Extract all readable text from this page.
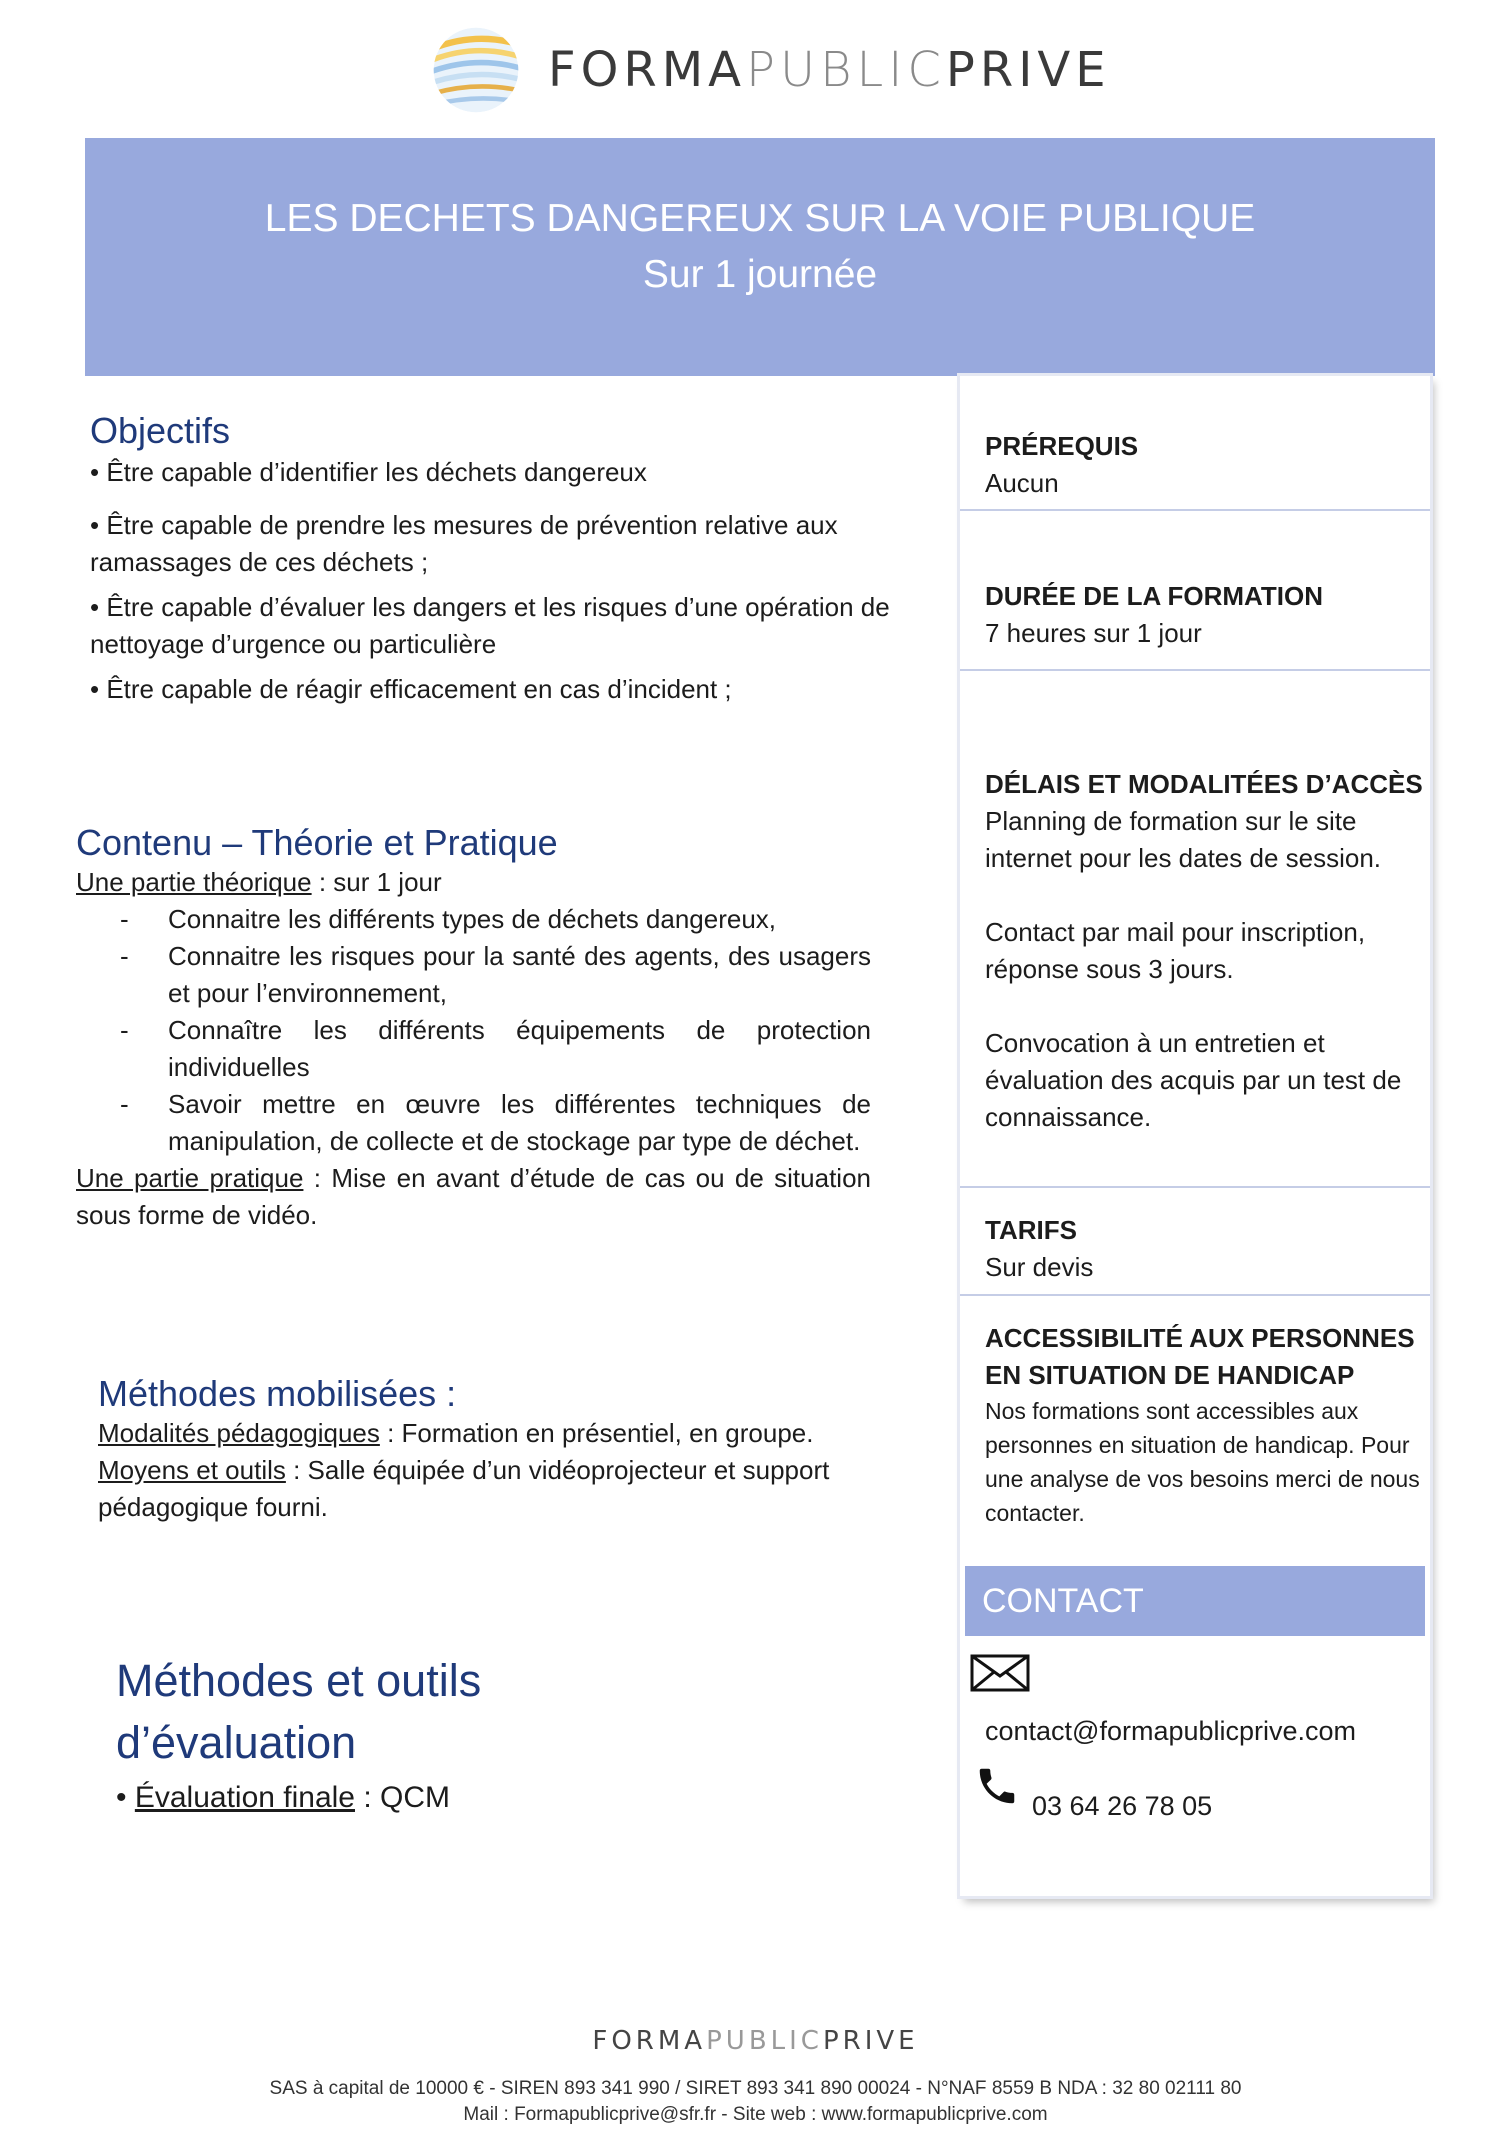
FORMAPUBLICPRIVE
LES DECHETS DANGEREUX SUR LA VOIE PUBLIQUE
Sur 1 journée
Objectifs
• Être capable d’identifier les déchets dangereux
• Être capable de prendre les mesures de prévention relative aux ramassages de ces déchets ;
• Être capable d’évaluer les dangers et les risques d’une opération de nettoyage d’urgence ou particulière
• Être capable de réagir efficacement en cas d’incident ;
Contenu – Théorie et Pratique
Une partie théorique : sur 1 jour
- Connaitre les différents types de déchets dangereux,
- Connaitre les risques pour la santé des agents, des usagers et pour l’environnement,
- Connaître les différents équipements de protection individuelles
- Savoir mettre en œuvre les différentes techniques de manipulation, de collecte et de stockage par type de déchet.
Une partie pratique : Mise en avant d’étude de cas ou de situation sous forme de vidéo.
Méthodes mobilisées :
Modalités pédagogiques : Formation en présentiel, en groupe.
Moyens et outils : Salle équipée d’un vidéoprojecteur et support pédagogique fourni.
Méthodes et outils
d’évaluation
• Évaluation finale : QCM
PRÉREQUIS
Aucun
DURÉE DE LA FORMATION
7 heures sur 1 jour
DÉLAIS ET MODALITÉES D’ACCÈS
Planning de formation sur le site internet pour les dates de session.
Contact par mail pour inscription, réponse sous 3 jours.
Convocation à un entretien et évaluation des acquis par un test de connaissance.
TARIFS
Sur devis
ACCESSIBILITÉ AUX PERSONNES EN SITUATION DE HANDICAP
Nos formations sont accessibles aux personnes en situation de handicap. Pour une analyse de vos besoins merci de nous contacter.
CONTACT
contact@formapublicprive.com
03 64 26 78 05
FORMAPUBLICPRIVE
SAS à capital de 10000 € - SIREN 893 341 990 / SIRET 893 341 890 00024 - N°NAF 8559 B NDA : 32 80 02111 80
Mail : Formapublicprive@sfr.fr - Site web : www.formapublicprive.com
